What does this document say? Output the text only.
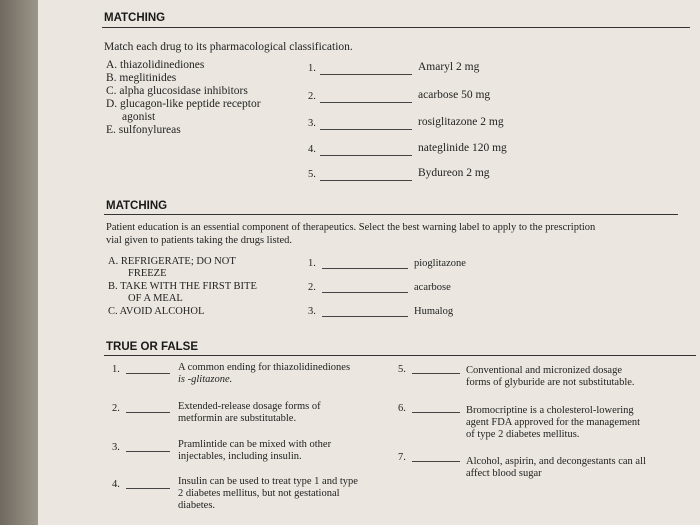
MATCHING
Match each drug to its pharmacological classification.
A. thiazolidinediones
B. meglitinides
C. alpha glucosidase inhibitors
D. glucagon-like peptide receptor
agonist
E. sulfonylureas
1.	Amaryl 2 mg
2.	acarbose 50 mg
3.	rosiglitazone 2 mg
4.	nateglinide 120 mg
5.	Bydureon 2 mg
MATCHING
Patient education is an essential component of therapeutics. Select the best warning label to apply to the prescription
vial given to patients taking the drugs listed.
A. REFRIGERATE; DO NOT
FREEZE
B. TAKE WITH THE FIRST BITE
OF A MEAL
C. AVOID ALCOHOL
1.	pioglitazone
2.	acarbose
3.	Humalog
TRUE OR FALSE
1.	A common ending for thiazolidinediones
is -glitazone.
2.	Extended-release dosage forms of
metformin are substitutable.
3.	Pramlintide can be mixed with other
injectables, including insulin.
4.	Insulin can be used to treat type 1 and type
2 diabetes mellitus, but not gestational
diabetes.
5.	Conventional and micronized dosage
forms of glyburide are not substitutable.
6.	Bromocriptine is a cholesterol-lowering
agent FDA approved for the management
of type 2 diabetes mellitus.
7.	Alcohol, aspirin, and decongestants can all
affect blood sugar
